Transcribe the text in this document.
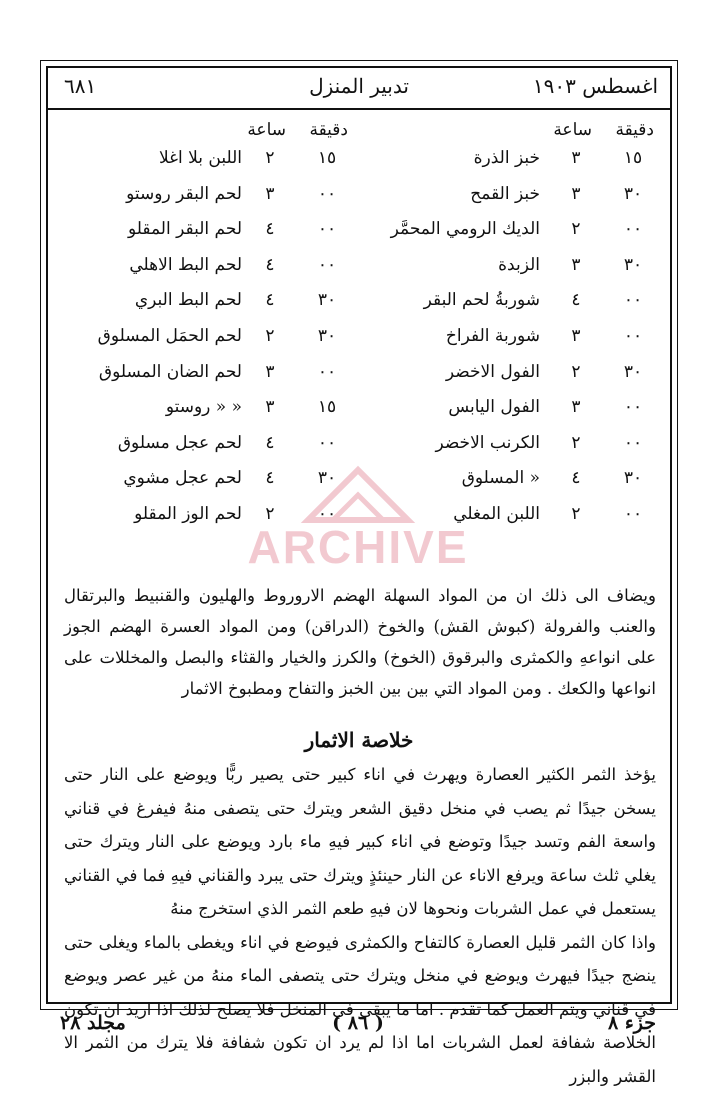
اغسطس ١٩٠٣
تدبير المنزل
٦٨١
دقيقة
ساعة
١٥
٣
خبز الذرة
٣٠
٣
خبز القمح
٠٠
٢
الديك الرومي المحمَّر
٣٠
٣
الزبدة
٠٠
٤
شوربةُ لحم البقر
٠٠
٣
شوربة الفراخ
٣٠
٢
الفول الاخضر
٠٠
٣
الفول اليابس
٠٠
٢
الكرنب الاخضر
٣٠
٤
« المسلوق
٠٠
٢
اللبن المغلي
دقيقة
ساعة
١٥
٢
اللبن بلا اغلا
٠٠
٣
لحم البقر روستو
٠٠
٤
لحم البقر المقلو
٠٠
٤
لحم البط الاهلي
٣٠
٤
لحم البط البري
٣٠
٢
لحم الحمَل المسلوق
٠٠
٣
لحم الضان المسلوق
١٥
٣
« « روستو
٠٠
٤
لحم عجل مسلوق
٣٠
٤
لحم عجل مشوي
٠٠
٢
لحم الوز المقلو
ويضاف الى ذلك ان من المواد السهلة الهضم الاروروط والهليون والقنبيط والبرتقال والعنب والفرولة (كبوش القش) والخوخ (الدراقن) ومن المواد العسرة الهضم الجوز على انواعهِ والكمثرى والبرقوق (الخوخ) والكرز والخيار والقثاء والبصل والمخللات على انواعها والكعك . ومن المواد التي بين بين الخبز والتفاح ومطبوخ الاثمار
خلاصة الاثمار
يؤخذ الثمر الكثير العصارة ويهرث في اناء كبير حتى يصير ربًّا ويوضع على النار حتى يسخن جيدًا ثم يصب في منخل دقيق الشعر ويترك حتى يتصفى منهُ فيفرغ في قناني واسعة الفم وتسد جيدًا وتوضع في اناء كبير فيهِ ماء بارد ويوضع على النار ويترك حتى يغلي ثلث ساعة ويرفع الاناء عن النار حينئذٍ ويترك حتى يبرد والقناني فيهِ فما في القناني يستعمل في عمل الشربات ونحوها لان فيهِ طعم الثمر الذي استخرج منهُ
واذا كان الثمر قليل العصارة كالتفاح والكمثرى فيوضع في اناء ويغطى بالماء ويغلى حتى ينضج جيدًا فيهرث ويوضع في منخل ويترك حتى يتصفى الماء منهُ من غير عصر ويوضع في قناني ويتم العمل كما تقدم . اما ما يبقى في المنخل فلا يصلح لذلك اذا اريد ان تكون الخلاصة شفافة لعمل الشربات اما اذا لم يرد ان تكون شفافة فلا يترك من الثمر الا القشر والبزر
ARCHIVE
جزء ٨
( ٨٦ )
مجلد ٢٨
